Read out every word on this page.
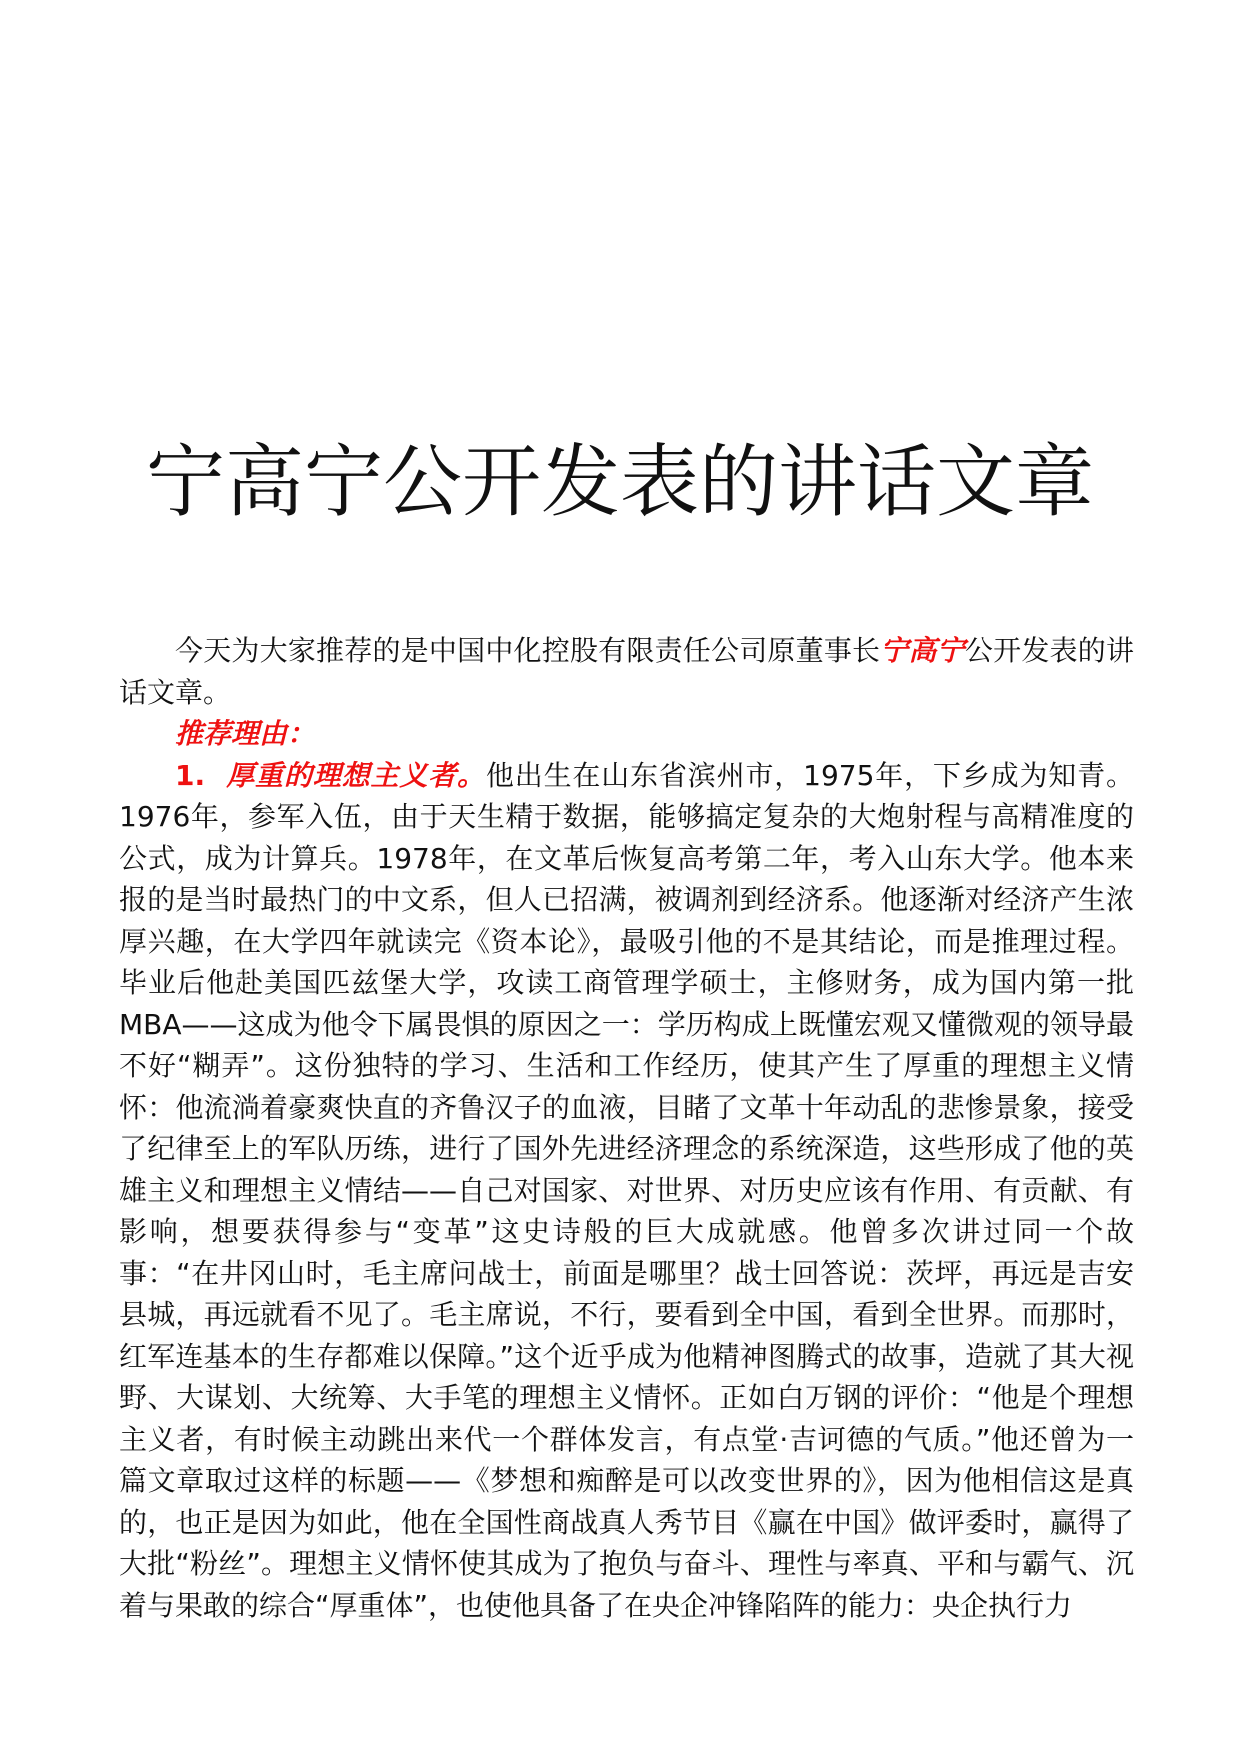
宁高宁公开发表的讲话文章

今天为大家推荐的是中国中化控股有限责任公司原董事长宁高宁公开发表的讲话文章。

推荐理由：

1. 厚重的理想主义者。他出生在山东省滨州市，1975年，下乡成为知青。1976年，参军入伍，由于天生精于数据，能够搞定复杂的大炮射程与高精准度的公式，成为计算兵。1978年，在文革后恢复高考第二年，考入山东大学。他本来报的是当时最热门的中文系，但人已招满，被调剂到经济系。他逐渐对经济产生浓厚兴趣，在大学四年就读完《资本论》，最吸引他的不是其结论，而是推理过程。毕业后他赴美国匹兹堡大学，攻读工商管理学硕士，主修财务，成为国内第一批MBA——这成为他令下属畏惧的原因之一：学历构成上既懂宏观又懂微观的领导最不好“糊弄”。这份独特的学习、生活和工作经历，使其产生了厚重的理想主义情怀：他流淌着豪爽快直的齐鲁汉子的血液，目睹了文革十年动乱的悲惨景象，接受了纪律至上的军队历练，进行了国外先进经济理念的系统深造，这些形成了他的英雄主义和理想主义情结——自己对国家、对世界、对历史应该有作用、有贡献、有影响，想要获得参与“变革”这史诗般的巨大成就感。他曾多次讲过同一个故事：“在井冈山时，毛主席问战士，前面是哪里？战士回答说：茨坪，再远是吉安县城，再远就看不见了。毛主席说，不行，要看到全中国，看到全世界。而那时，红军连基本的生存都难以保障。”这个近乎成为他精神图腾式的故事，造就了其大视野、大谋划、大统筹、大手笔的理想主义情怀。正如白万钢的评价：“他是个理想主义者，有时候主动跳出来代一个群体发言，有点堂·吉诃德的气质。”他还曾为一篇文章取过这样的标题——《梦想和痴醉是可以改变世界的》，因为他相信这是真的，也正是因为如此，他在全国性商战真人秀节目《赢在中国》做评委时，赢得了大批“粉丝”。理想主义情怀使其成为了抱负与奋斗、理性与率真、平和与霸气、沉着与果敢的综合“厚重体”，也使他具备了在央企冲锋陷阵的能力：央企执行力
